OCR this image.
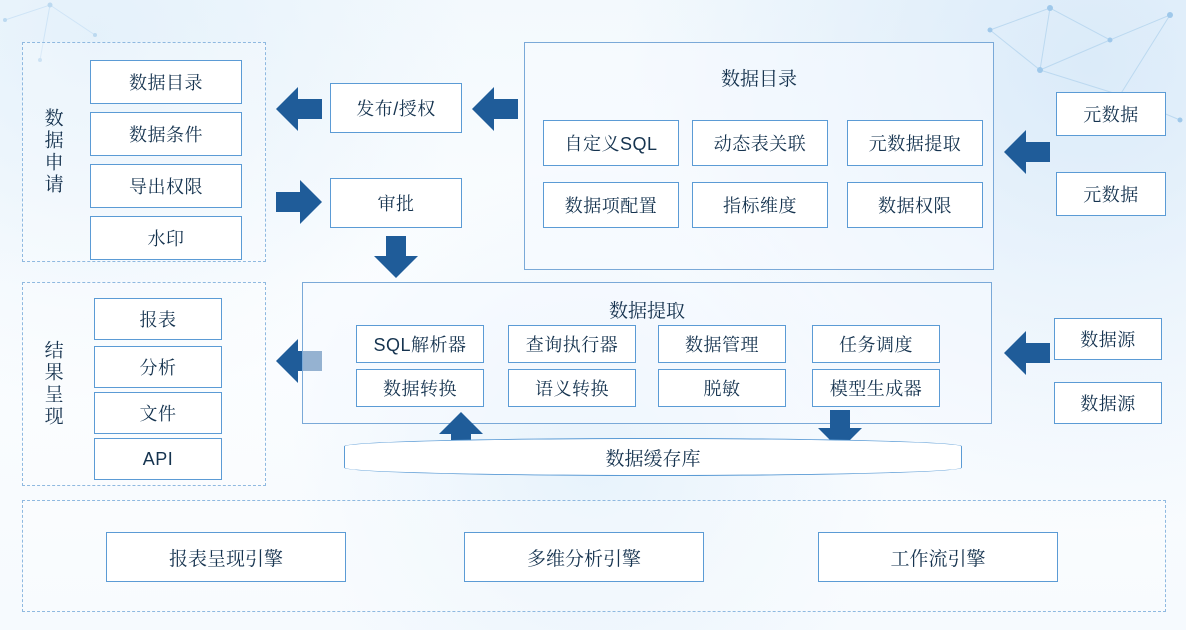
数据申请
数据目录
数据条件
导出权限
水印
发布/授权
审批
数据目录
自定义SQL	动态表关联	元数据提取
数据项配置	指标维度	数据权限
元数据
元数据
结果呈现
报表
分析
文件
API
数据提取
SQL解析器	查询执行器	数据管理	任务调度
数据转换	语义转换	脱敏	模型生成器
数据源
数据源
数据缓存库
报表呈现引擎	多维分析引擎	工作流引擎
